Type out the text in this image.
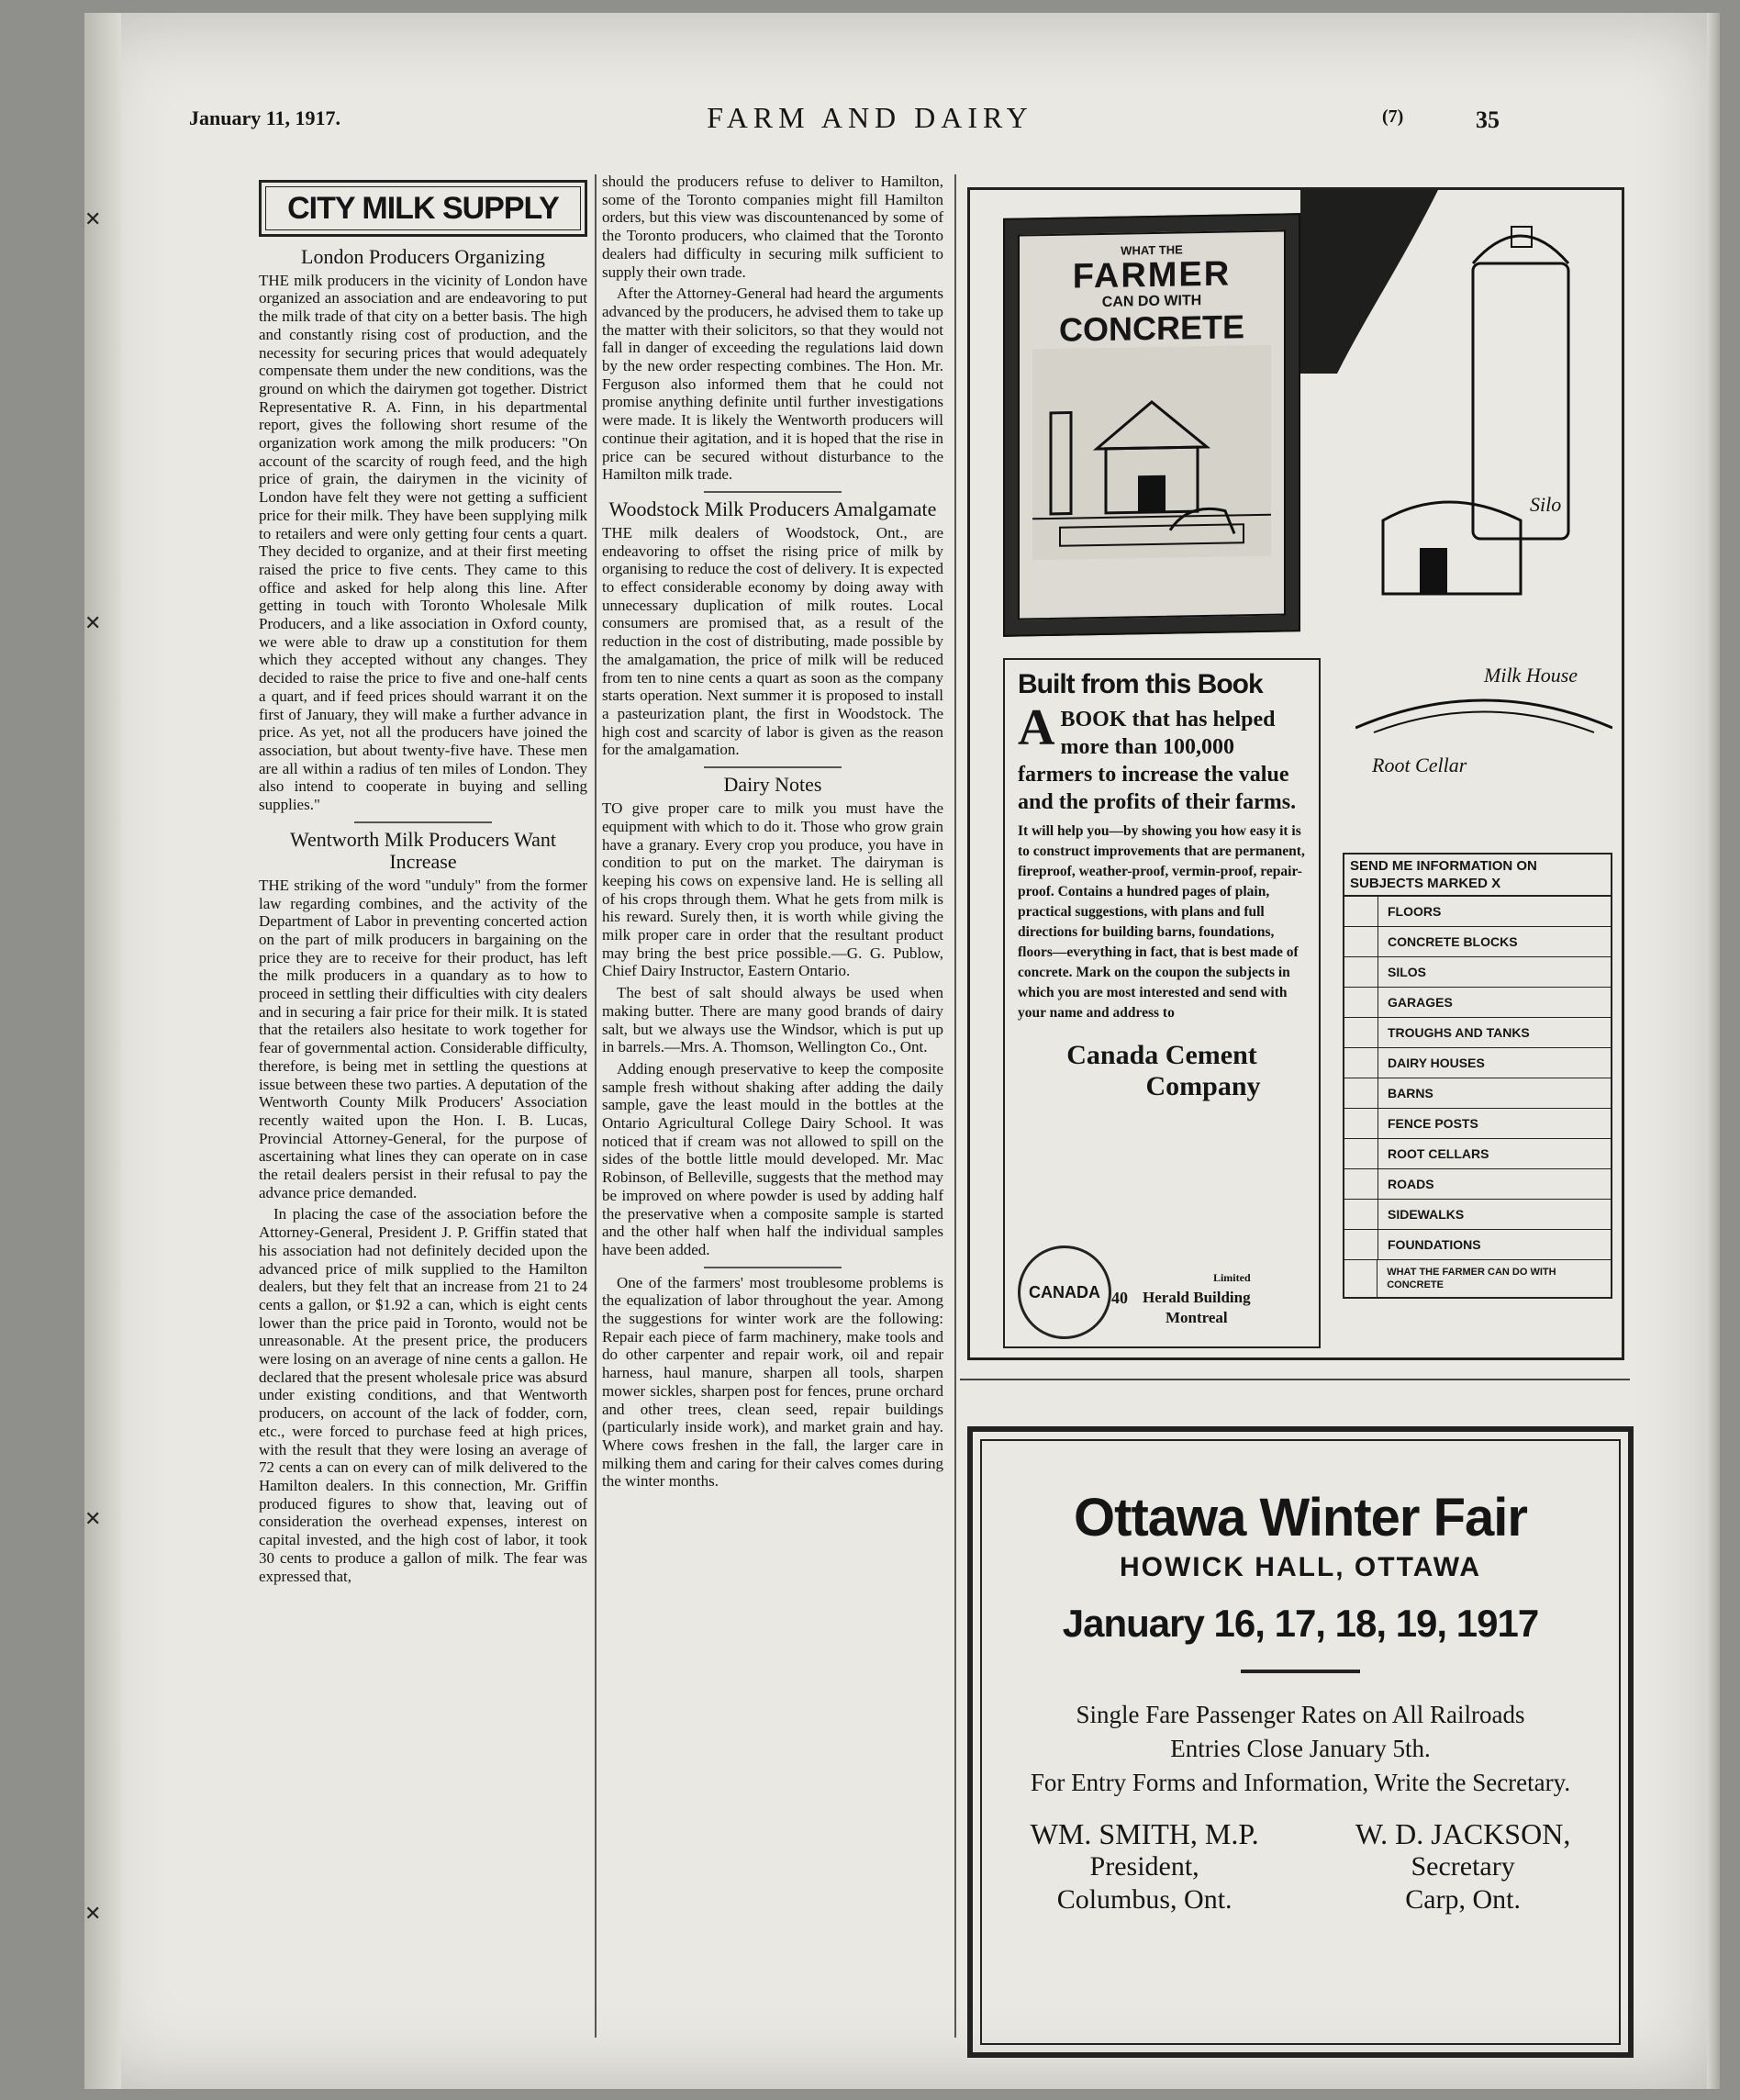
✕
✕
✕
✕
January 11, 1917.	FARM AND DAIRY	(7)	35
CITY MILK SUPPLY
London Producers Organizing

THE milk producers in the vicinity of London have organized an association and are endeavoring to put the milk trade of that city on a better basis. The high and constantly rising cost of production, and the necessity for securing prices that would adequately compensate them under the new conditions, was the ground on which the dairymen got together. District Representative R. A. Finn, in his departmental report, gives the following short resume of the organization work among the milk producers: "On account of the scarcity of rough feed, and the high price of grain, the dairymen in the vicinity of London have felt they were not getting a sufficient price for their milk. They have been supplying milk to retailers and were only getting four cents a quart. They decided to organize, and at their first meeting raised the price to five cents. They came to this office and asked for help along this line. After getting in touch with Toronto Wholesale Milk Producers, and a like association in Oxford county, we were able to draw up a constitution for them which they accepted without any changes. They decided to raise the price to five and one-half cents a quart, and if feed prices should warrant it on the first of January, they will make a further advance in price. As yet, not all the producers have joined the association, but about twenty-five have. These men are all within a radius of ten miles of London. They also intend to cooperate in buying and selling supplies."

Wentworth Milk Producers Want Increase

THE striking of the word "unduly" from the former law regarding combines, and the activity of the Department of Labor in preventing concerted action on the part of milk producers in bargaining on the price they are to receive for their product, has left the milk producers in a quandary as to how to proceed in settling their difficulties with city dealers and in securing a fair price for their milk. It is stated that the retailers also hesitate to work together for fear of governmental action. Considerable difficulty, therefore, is being met in settling the questions at issue between these two parties. A deputation of the Wentworth County Milk Producers' Association recently waited upon the Hon. I. B. Lucas, Provincial Attorney-General, for the purpose of ascertaining what lines they can operate on in case the retail dealers persist in their refusal to pay the advance price demanded.

In placing the case of the association before the Attorney-General, President J. P. Griffin stated that his association had not definitely decided upon the advanced price of milk supplied to the Hamilton dealers, but they felt that an increase from 21 to 24 cents a gallon, or $1.92 a can, which is eight cents lower than the price paid in Toronto, would not be unreasonable. At the present price, the producers were losing on an average of nine cents a gallon. He declared that the present wholesale price was absurd under existing conditions, and that Wentworth producers, on account of the lack of fodder, corn, etc., were forced to purchase feed at high prices, with the result that they were losing an average of 72 cents a can on every can of milk delivered to the Hamilton dealers. In this connection, Mr. Griffin produced figures to show that, leaving out of consideration the overhead expenses, interest on capital invested, and the high cost of labor, it took 30 cents to produce a gallon of milk. The fear was expressed that,

should the producers refuse to deliver to Hamilton, some of the Toronto companies might fill Hamilton orders, but this view was discountenanced by some of the Toronto producers, who claimed that the Toronto dealers had difficulty in securing milk sufficient to supply their own trade.

After the Attorney-General had heard the arguments advanced by the producers, he advised them to take up the matter with their solicitors, so that they would not fall in danger of exceeding the regulations laid down by the new order respecting combines. The Hon. Mr. Ferguson also informed them that he could not promise anything definite until further investigations were made. It is likely the Wentworth producers will continue their agitation, and it is hoped that the rise in price can be secured without disturbance to the Hamilton milk trade.

Woodstock Milk Producers Amalgamate

THE milk dealers of Woodstock, Ont., are endeavoring to offset the rising price of milk by organising to reduce the cost of delivery. It is expected to effect considerable economy by doing away with unnecessary duplication of milk routes. Local consumers are promised that, as a result of the reduction in the cost of distributing, made possible by the amalgamation, the price of milk will be reduced from ten to nine cents a quart as soon as the company starts operation. Next summer it is proposed to install a pasteurization plant, the first in Woodstock. The high cost and scarcity of labor is given as the reason for the amalgamation.

Dairy Notes

TO give proper care to milk you must have the equipment with which to do it. Those who grow grain have a granary. Every crop you produce, you have in condition to put on the market. The dairyman is keeping his cows on expensive land. He is selling all of his crops through them. What he gets from milk is his reward. Surely then, it is worth while giving the milk proper care in order that the resultant product may bring the best price possible.—G. G. Publow, Chief Dairy Instructor, Eastern Ontario.

The best of salt should always be used when making butter. There are many good brands of dairy salt, but we always use the Windsor, which is put up in barrels.—Mrs. A. Thomson, Wellington Co., Ont.

Adding enough preservative to keep the composite sample fresh without shaking after adding the daily sample, gave the least mould in the bottles at the Ontario Agricultural College Dairy School. It was noticed that if cream was not allowed to spill on the sides of the bottle little mould developed. Mr. Mac Robinson, of Belleville, suggests that the method may be improved on where powder is used by adding half the preservative when a composite sample is started and the other half when half the individual samples have been added.

One of the farmers' most troublesome problems is the equalization of labor throughout the year. Among the suggestions for winter work are the following: Repair each piece of farm machinery, make tools and do other carpenter and repair work, oil and repair harness, haul manure, sharpen all tools, sharpen mower sickles, sharpen post for fences, prune orchard and other trees, clean seed, repair buildings (particularly inside work), and market grain and hay. Where cows freshen in the fall, the larger care in milking them and caring for their calves comes during the winter months.

WHAT THE
FARMER
CAN DO WITH
CONCRETE
Silo
Milk House
Root Cellar
Built from this Book
A BOOK that has helped more than 100,000 farmers to increase the value and the profits of their farms.
It will help you—by showing you how easy it is to construct improvements that are permanent, fireproof, weather-proof, vermin-proof, repair-proof. Contains a hundred pages of plain, practical suggestions, with plans and full directions for building barns, foundations, floors—everything in fact, that is best made of concrete. Mark on the coupon the subjects in which you are most interested and send with your name and address to
Canada Cement
Company
CANADA
Limited
40 Herald Building
Montreal
SEND ME INFORMATION ON SUBJECTS MARKED X
FLOORS
CONCRETE BLOCKS
SILOS
GARAGES
TROUGHS AND TANKS
DAIRY HOUSES
BARNS
FENCE POSTS
ROOT CELLARS
ROADS
SIDEWALKS
FOUNDATIONS
WHAT THE FARMER CAN DO WITH CONCRETE
Ottawa Winter Fair
HOWICK HALL, OTTAWA
January 16, 17, 18, 19, 1917
Single Fare Passenger Rates on All Railroads
Entries Close January 5th.
For Entry Forms and Information, Write the Secretary.
WM. SMITH, M.P.
President,
Columbus, Ont.
W. D. JACKSON,
Secretary
Carp, Ont.
